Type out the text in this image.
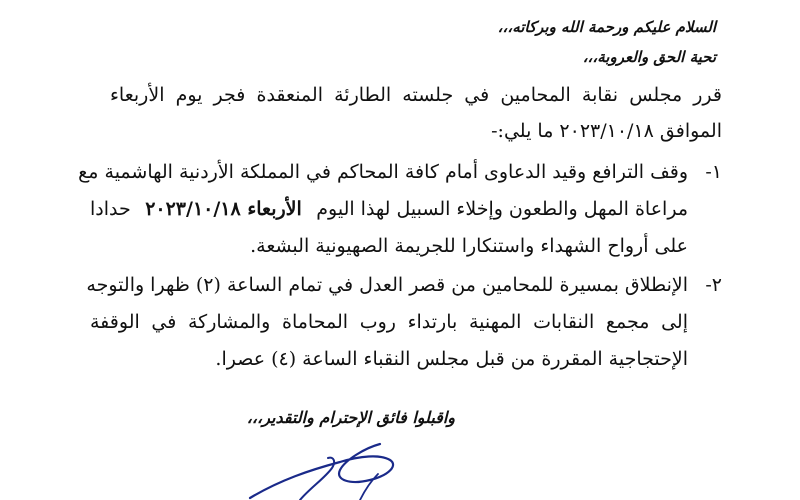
السلام عليكم ورحمة الله وبركاته،،،
تحية الحق والعروبة،،،
قرر مجلس نقابة المحامين في جلسته الطارئة المنعقدة فجر يوم الأربعاء
الموافق ٢٠٢٣/١٠/١٨ ما يلي:-
١-
وقف الترافع وقيد الدعاوى أمام كافة المحاكم في المملكة الأردنية الهاشمية مع
مراعاة المهل والطعون وإخلاء السبيل لهذا اليوم
الأربعاء ٢٠٢٣/١٠/١٨
حدادا
على أرواح الشهداء واستنكارا للجريمة الصهيونية البشعة.
٢-
الإنطلاق بمسيرة للمحامين من قصر العدل في تمام الساعة (٢) ظهرا والتوجه
إلى مجمع النقابات المهنية بارتداء روب المحاماة والمشاركة في الوقفة
الإحتجاجية المقررة من قبل مجلس النقباء الساعة (٤) عصرا.
واقبلوا فائق الإحترام والتقدير،،،
